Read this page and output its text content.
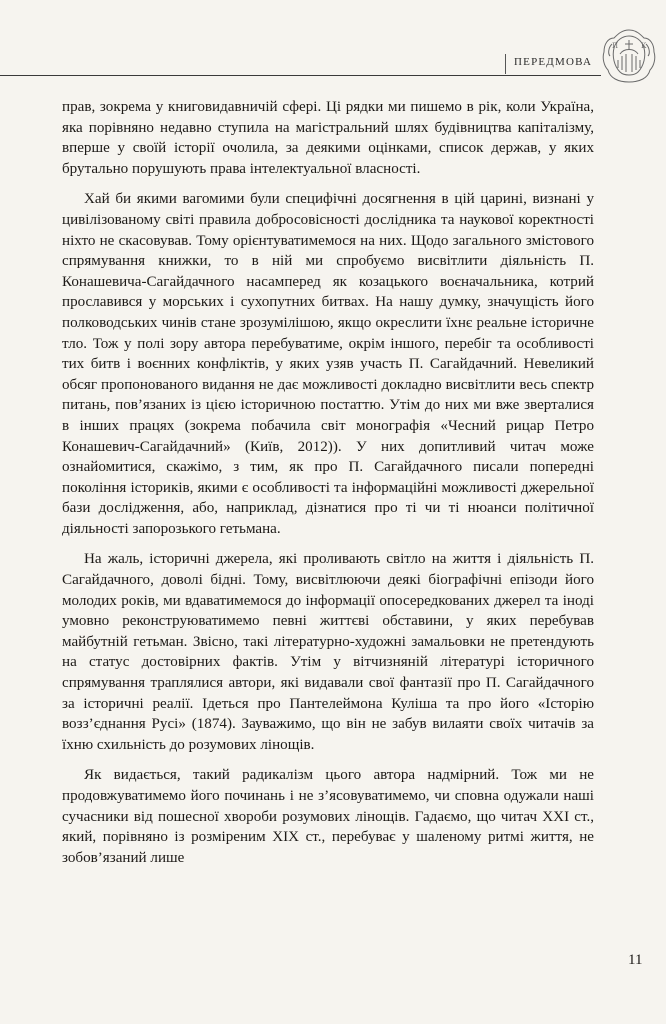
ПЕРЕДМОВА
П	К

прав, зокрема у книговидавничій сфері. Ці рядки ми пишемо в рік, коли Україна, яка порівняно недавно ступила на магістральний шлях будівництва капіталізму, вперше у своїй історії очолила, за деякими оцінками, список держав, у яких брутально порушують права інтелектуальної власності.

Хай би якими вагомими були специфічні досягнення в цій царині, визнані у цивілізованому світі правила добросовісності дослідника та наукової коректності ніхто не скасовував. Тому орієнтуватимемося на них. Щодо загального змістового спрямування книжки, то в ній ми спробуємо висвітлити діяльність П. Конашевича-Сагайдачного насамперед як козацького воєначальника, котрий прославився у морських і сухопутних битвах. На нашу думку, значущість його полководських чинів стане зрозумілішою, якщо окреслити їхнє реальне історичне тло. Тож у полі зору автора перебуватиме, окрім іншого, перебіг та особливості тих битв і воєнних конфліктів, у яких узяв участь П. Сагайдачний. Невеликий обсяг пропонованого видання не дає можливості докладно висвітлити весь спектр питань, пов’язаних із цією історичною постаттю. Утім до них ми вже зверталися в інших працях (зокрема побачила світ монографія «Чесний рицар Петро Конашевич-Сагайдачний» (Київ, 2012)). У них допитливий читач може ознайомитися, скажімо, з тим, як про П. Сагайдачного писали попередні покоління істориків, якими є особливості та інформаційні можливості джерельної бази дослідження, або, наприклад, дізнатися про ті чи ті нюанси політичної діяльності запорозького гетьмана.

На жаль, історичні джерела, які проливають світло на життя і діяльність П. Сагайдачного, доволі бідні. Тому, висвітлюючи деякі біографічні епізоди його молодих років, ми вдаватимемося до інформації опосередкованих джерел та іноді умовно реконструюватимемо певні життєві обставини, у яких перебував майбутній гетьман. Звісно, такі літературно-художні замальовки не претендують на статус достовірних фактів. Утім у вітчизняній літературі історичного спрямування траплялися автори, які видавали свої фантазії про П. Сагайдачного за історичні реалії. Ідеться про Пантелеймона Куліша та про його «Історію возз’єднання Русі» (1874). Зауважимо, що він не забув вилаяти своїх читачів за їхню схильність до розумових лінощів.

Як видається, такий радикалізм цього автора надмірний. Тож ми не продовжуватимемо його починань і не з’ясовуватимемо, чи сповна одужали наші сучасники від пошесної хвороби розумових лінощів. Гадаємо, що читач XXI ст., який, порівняно із розміреним XIX ст., перебуває у шаленому ритмі життя, не зобов’язаний лише

11
